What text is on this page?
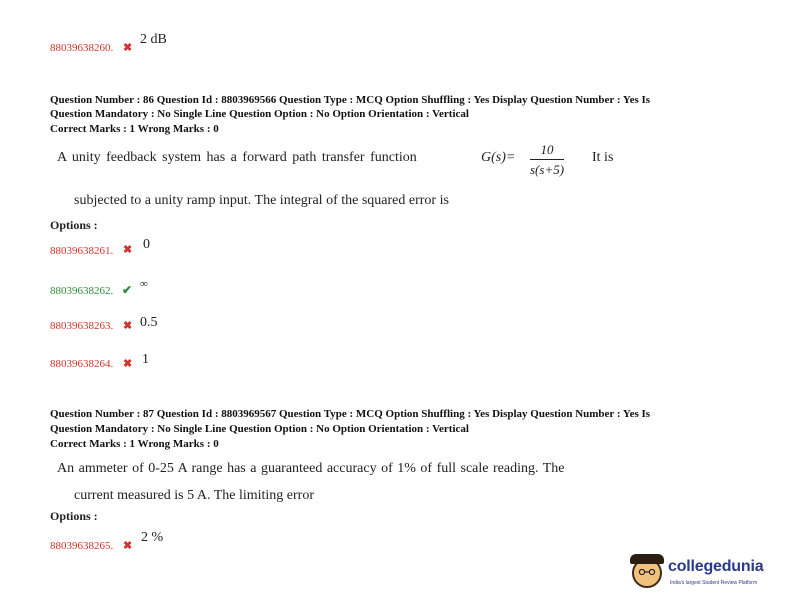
88039638260. ✖
2 dB
Question Number : 86 Question Id : 8803969566 Question Type : MCQ Option Shuffling : Yes Display Question Number : Yes Is
Question Mandatory : No Single Line Question Option : No Option Orientation : Vertical
Correct Marks : 1 Wrong Marks : 0
A unity feedback system has a forward path transfer function	$G(s)= \frac{10}{s(s+5)}$ It is
subjected to a unity ramp input. The integral of the squared error is
Options :
88039638261. ✖ 0
88039638262. ✔ ∞
88039638263. ✖ 0.5
88039638264. ✖ 1
Question Number : 87 Question Id : 8803969567 Question Type : MCQ Option Shuffling : Yes Display Question Number : Yes Is
Question Mandatory : No Single Line Question Option : No Option Orientation : Vertical
Correct Marks : 1 Wrong Marks : 0
An ammeter of 0-25 A range has a guaranteed accuracy of 1% of full scale reading. The
current measured is 5 A. The limiting error
Options :
88039638265. ✖
2 %
collegedunia
India's largest Student Review Platform
